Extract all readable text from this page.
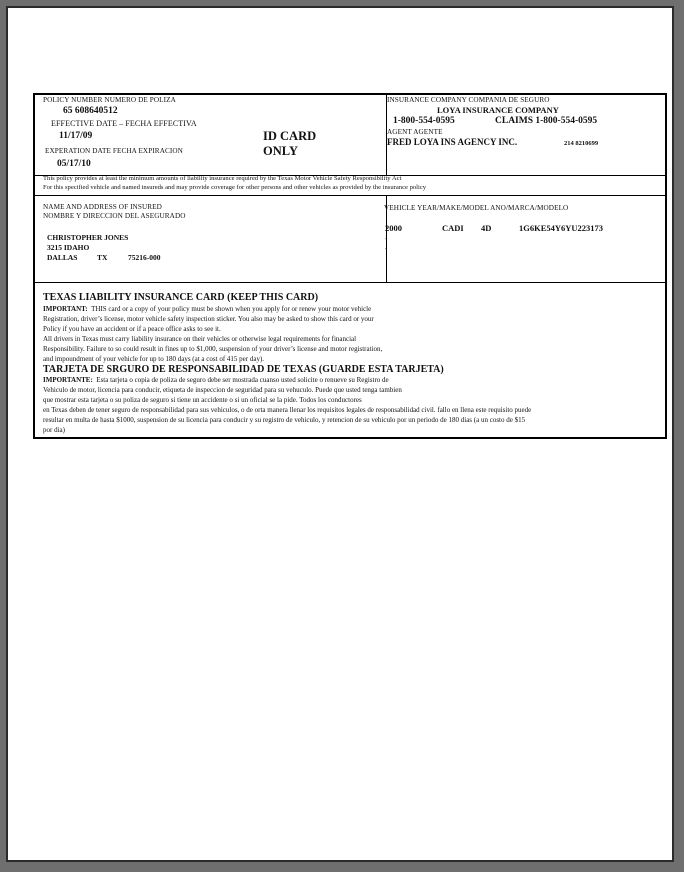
POLICY NUMBER NUMERO DE POLIZA
65 608640512
EFFECTIVE DATE – FECHA EFFECTIVA
11/17/09
EXPERATION DATE FECHA EXPIRACION
05/17/10
ID CARD
ONLY
INSURANCE COMPANY COMPANIA DE SEGURO
LOYA INSURANCE COMPANY
1-800-554-0595	CLAIMS 1-800-554-0595
AGENT AGENTE
FRED LOYA INS AGENCY INC.	214 8210699
This policy provides at least the minimum amounts of liability insurance required by the Texas Motor Vehicle Safety Responsibility Act
For this specified vehicle and named insureds and may provide coverage for other persons and other vehicles as provided by the insurance policy
NAME AND ADDRESS OF INSURED
NOMBRE Y DIRECCION DEL ASEGURADO
CHRISTOPHER JONES
3215 IDAHO
DALLAS	TX	75216-000
VEHICLE YEAR/MAKE/MODEL ANO/MARCA/MODELO
2000	CADI 4D	1G6KE54Y6YU223173
-
-
TEXAS LIABILITY INSURANCE CARD (KEEP THIS CARD)
IMPORTANT: THIS card or a copy of your policy must be shown when you apply for or renew your motor vehicle
Registration, driver’s license, motor vehicle safety inspection sticker. You also may be asked to show this card or your
Policy if you have an accident or if a peace office asks to see it.
All drivers in Texas must carry liability insurance on their vehicles or otherwise legal requirements for financial
Responsibility. Failure to so could result in fines up to $1,000, suspension of your driver’s license and motor registration,
and impoundment of your vehicle for up to 180 days (at a cost of 415 per day).
TARJETA DE SRGURO DE RESPONSABILIDAD DE TEXAS (GUARDE ESTA TARJETA)
IMPORTANTE: Esta tarjeta o copia de poliza de seguro debe ser mostrada cuanso usted solicite o renueve su Registro de
Vehiculo de motor, licencia para conducir, etiqueta de inspeccion de seguridad para su vehuculo. Puede que usted tenga tambien
que mostrar esta tarjeta o su poliza de seguro si tiene un accidente o si un oficial se la pide. Todos los conductores
en Texas deben de tener seguro de responsabilidad para sus vehiculos, o de orta manera llenar los requisitos legales de responsabilidad civil. fallo en llena este requisito puede
resultar en multa de hasta $1000, suspension de su licencia para conducir y su registro de vehiculo, y retencion de su vehiculo por un periodo de 180 dias (a un costo de $15
por dia)
